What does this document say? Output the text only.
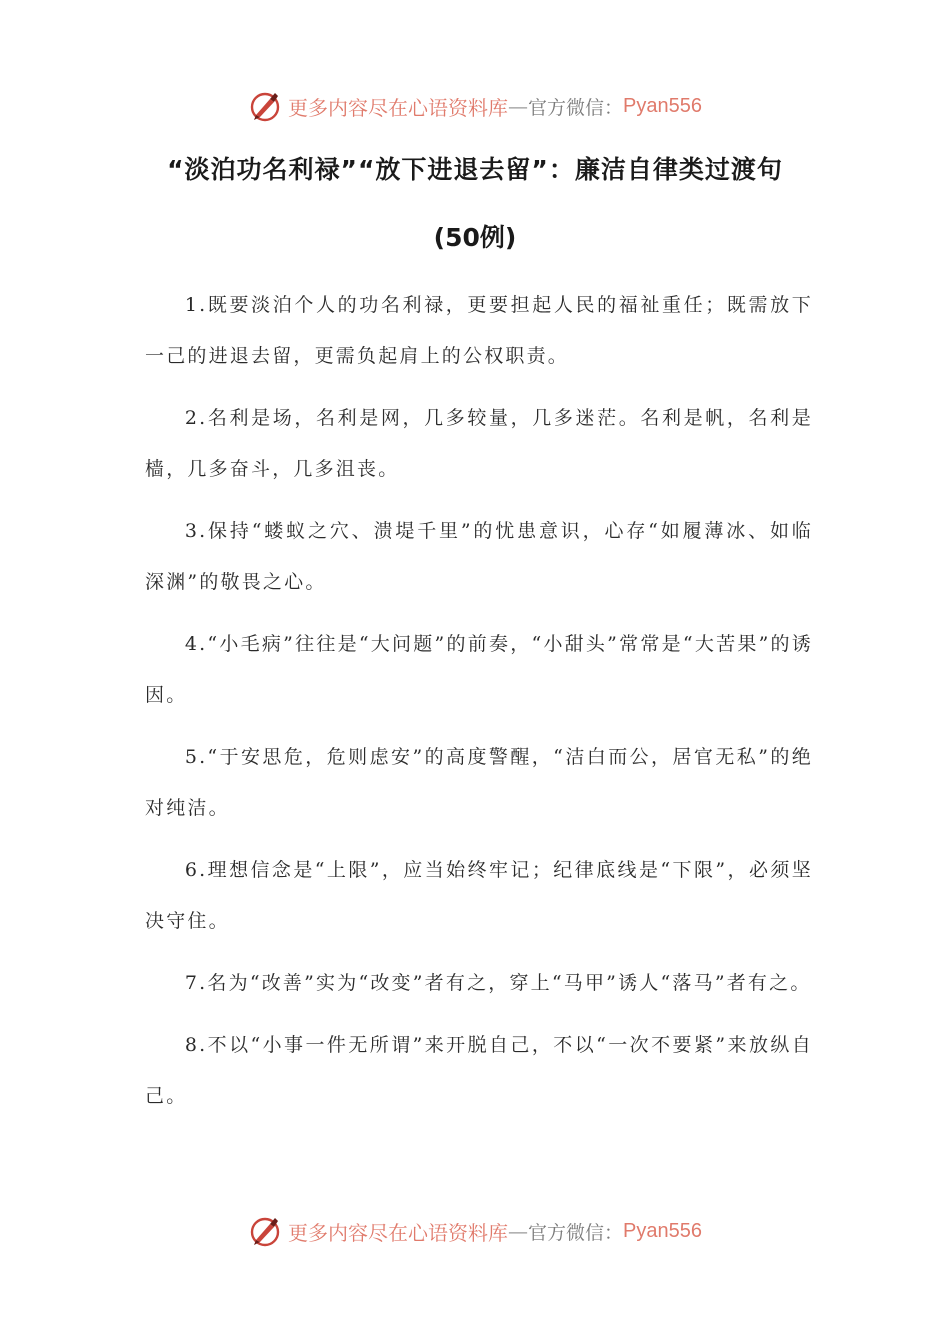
更多内容尽在心语资料库 — 官方微信： Pyan556
“淡泊功名利禄”“放下进退去留”：廉洁自律类过渡句
(50例)

1.既要淡泊个人的功名利禄，更要担起人民的福祉重任；既需放下一己的进退去留，更需负起肩上的公权职责。

2.名利是场，名利是网，几多较量，几多迷茫。名利是帆，名利是樯，几多奋斗，几多沮丧。

3.保持“蝼蚁之穴、溃堤千里”的忧患意识，心存“如履薄冰、如临深渊”的敬畏之心。

4.“小毛病”往往是“大问题”的前奏，“小甜头”常常是“大苦果”的诱因。

5.“于安思危，危则虑安”的高度警醒，“洁白而公，居官无私”的绝对纯洁。

6.理想信念是“上限”，应当始终牢记；纪律底线是“下限”，必须坚决守住。

7.名为“改善”实为“改变”者有之，穿上“马甲”诱人“落马”者有之。

8.不以“小事一件无所谓”来开脱自己，不以“一次不要紧”来放纵自己。

更多内容尽在心语资料库 — 官方微信： Pyan556
